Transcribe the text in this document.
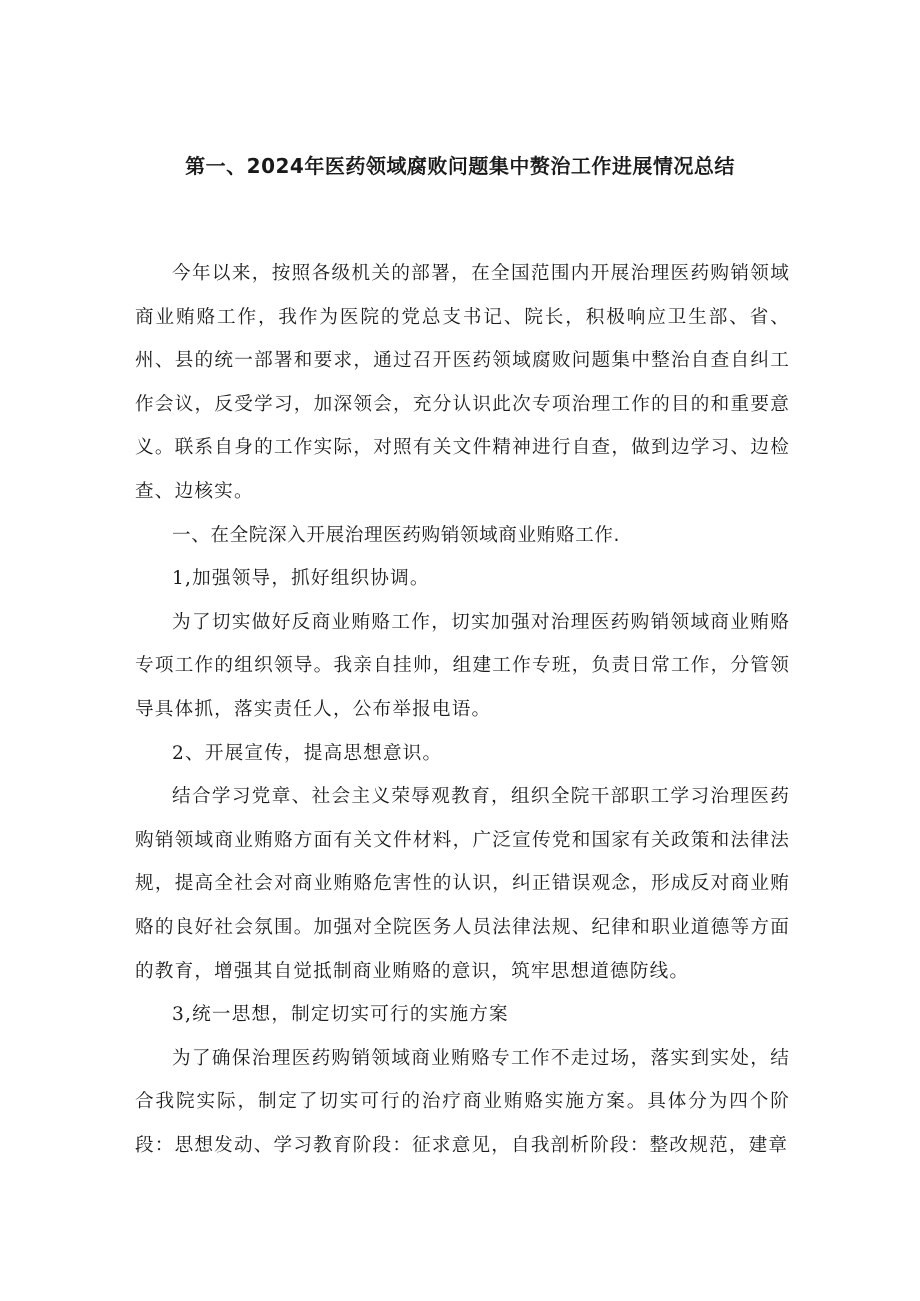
第一、2024年医药领域腐败问题集中赘治工作进展情况总结

今年以来，按照各级机关的部署，在全国范围内开展治理医药购销领域商业贿赂工作，我作为医院的党总支书记、院长，积极响应卫生部、省、州、县的统一部署和要求，通过召开医药领域腐败问题集中整治自查自纠工作会议，反受学习，加深领会，充分认识此次专项治理工作的目的和重要意义。联系自身的工作实际，对照有关文件精神进行自查，做到边学习、边检查、边核实。

一、在全院深入开展治理医药购销领域商业贿赂工作.
1,加强领导，抓好组织协调。

为了切实做好反商业贿赂工作，切实加强对治理医药购销领域商业贿赂专项工作的组织领导。我亲自挂帅，组建工作专班，负责日常工作，分管领导具体抓，落实责任人，公布举报电语。

2、开展宣传，提高思想意识。

结合学习党章、社会主义荣辱观教育，组织全院干部职工学习治理医药购销领域商业贿赂方面有关文件材料，广泛宣传党和国家有关政策和法律法规，提高全社会对商业贿赂危害性的认识，纠正错误观念，形成反对商业贿赂的良好社会氛围。加强对全院医务人员法律法规、纪律和职业道德等方面的教育，增强其自觉抵制商业贿赂的意识，筑牢思想道德防线。

3,统一思想，制定切实可行的实施方案

为了确保治理医药购销领域商业贿赂专工作不走过场，落实到实处，结合我院实际，制定了切实可行的治疗商业贿赂实施方案。具体分为四个阶段：思想发动、学习教育阶段：征求意见，自我剖析阶段：整改规范，建章
